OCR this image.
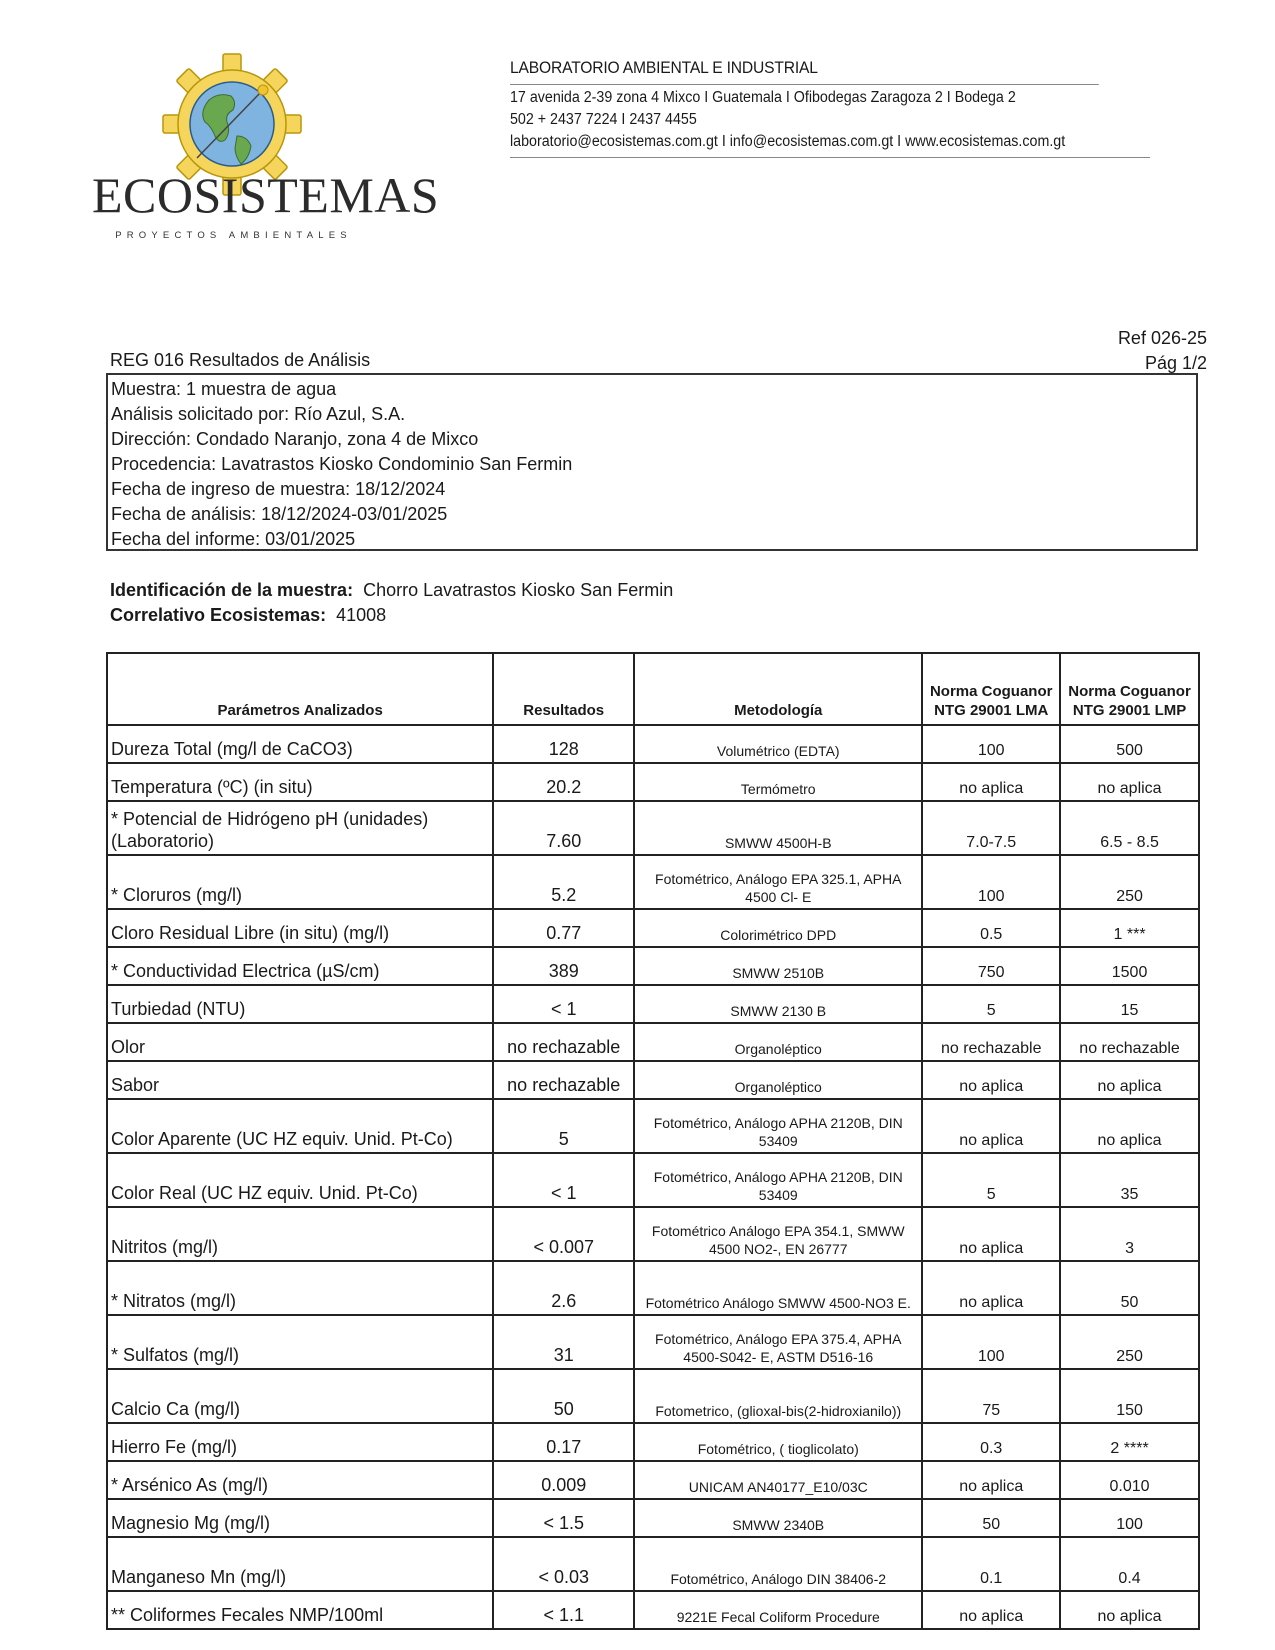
ECOSISTEMAS
PROYECTOS AMBIENTALES
LABORATORIO AMBIENTAL E INDUSTRIAL
17 avenida 2-39 zona 4 Mixco I Guatemala I Ofibodegas Zaragoza 2 I Bodega 2
502 + 2437 7224 I 2437 4455
laboratorio@ecosistemas.com.gt I info@ecosistemas.com.gt I www.ecosistemas.com.gt
Ref 026-25
Pág 1/2
REG 016 Resultados de Análisis
Muestra: 1 muestra de agua
Análisis solicitado por: Río Azul, S.A.
Dirección: Condado Naranjo, zona 4 de Mixco
Procedencia: Lavatrastos Kiosko Condominio San Fermin
Fecha de ingreso de muestra: 18/12/2024
Fecha de análisis: 18/12/2024-03/01/2025
Fecha del informe: 03/01/2025
Identificación de la muestra: Chorro Lavatrastos Kiosko San Fermin
Correlativo Ecosistemas: 41008
Parámetros Analizados	Resultados	Metodología	Norma Coguanor NTG 29001 LMA	Norma Coguanor NTG 29001 LMP
Dureza Total (mg/l de CaCO3)	128	Volumétrico (EDTA)	100	500
Temperatura (ºC) (in situ)	20.2	Termómetro	no aplica	no aplica
* Potencial de Hidrógeno pH (unidades) (Laboratorio)	7.60	SMWW 4500H-B	7.0-7.5	6.5 - 8.5
* Cloruros (mg/l)	5.2	Fotométrico, Análogo EPA 325.1, APHA 4500 Cl- E	100	250
Cloro Residual Libre (in situ) (mg/l)	0.77	Colorimétrico DPD	0.5	1 ***
* Conductividad Electrica (µS/cm)	389	SMWW 2510B	750	1500
Turbiedad (NTU)	< 1	SMWW 2130 B	5	15
Olor	no rechazable	Organoléptico	no rechazable	no rechazable
Sabor	no rechazable	Organoléptico	no aplica	no aplica
Color Aparente (UC HZ equiv. Unid. Pt-Co)	5	Fotométrico, Análogo APHA 2120B, DIN 53409	no aplica	no aplica
Color Real (UC HZ equiv. Unid. Pt-Co)	< 1	Fotométrico, Análogo APHA 2120B, DIN 53409	5	35
Nitritos (mg/l)	< 0.007	Fotométrico Análogo EPA 354.1, SMWW 4500 NO2-, EN 26777	no aplica	3
* Nitratos (mg/l)	2.6	Fotométrico Análogo SMWW 4500-NO3 E.	no aplica	50
* Sulfatos (mg/l)	31	Fotométrico, Análogo EPA 375.4, APHA 4500-S042- E, ASTM D516-16	100	250
Calcio Ca (mg/l)	50	Fotometrico, (glioxal-bis(2-hidroxianilo))	75	150
Hierro Fe (mg/l)	0.17	Fotométrico, ( tioglicolato)	0.3	2 ****
* Arsénico As (mg/l)	0.009	UNICAM AN40177_E10/03C	no aplica	0.010
Magnesio Mg (mg/l)	< 1.5	SMWW 2340B	50	100
Manganeso Mn (mg/l)	< 0.03	Fotométrico, Análogo DIN 38406-2	0.1	0.4
** Coliformes Fecales NMP/100ml	< 1.1	9221E Fecal Coliform Procedure	no aplica	no aplica
